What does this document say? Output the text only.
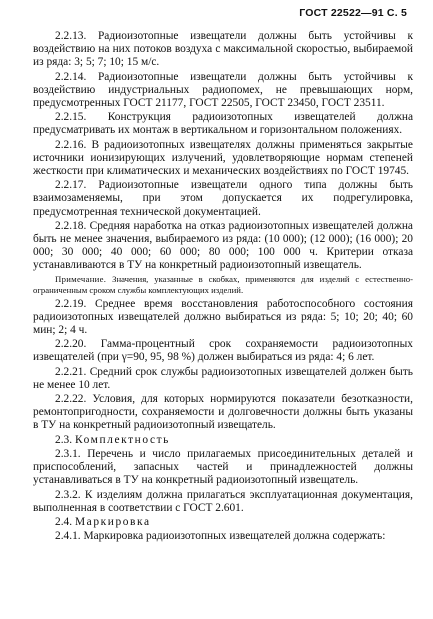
ГОСТ 22522—91 С. 5

2.2.13. Радиоизотопные извещатели должны быть устойчивы к воздействию на них потоков воздуха с максимальной скоростью, выбираемой из ряда: 3; 5; 7; 10; 15 м/с.

2.2.14. Радиоизотопные извещатели должны быть устойчивы к воздействию индустриальных радиопомех, не превышающих норм, предусмотренных ГОСТ 21177, ГОСТ 22505, ГОСТ 23450, ГОСТ 23511.

2.2.15. Конструкция радиоизотопных извещателей должна предусматривать их монтаж в вертикальном и горизонтальном положениях.

2.2.16. В радиоизотопных извещателях должны применяться закрытые источники ионизирующих излучений, удовлетворяющие нормам степеней жесткости при климатических и механических воздействиях по ГОСТ 19745.

2.2.17. Радиоизотопные извещатели одного типа должны быть взаимозаменяемы, при этом допускается их подрегулировка, предусмотренная технической документацией.

2.2.18. Средняя наработка на отказ радиоизотопных извещателей должна быть не менее значения, выбираемого из ряда: (10 000); (12 000); (16 000); 20 000; 30 000; 40 000; 60 000; 80 000; 100 000 ч. Критерии отказа устанавливаются в ТУ на конкретный радиоизотопный извещатель.

Примечание. Значения, указанные в скобках, применяются для изделий с естественно-ограниченным сроком службы комплектующих изделий.

2.2.19. Среднее время восстановления работоспособного состояния радиоизотопных извещателей должно выбираться из ряда: 5; 10; 20; 40; 60 мин; 2; 4 ч.

2.2.20. Гамма-процентный срок сохраняемости радиоизотопных извещателей (при γ=90, 95, 98 %) должен выбираться из ряда: 4; 6 лет.

2.2.21. Средний срок службы радиоизотопных извещателей должен быть не менее 10 лет.

2.2.22. Условия, для которых нормируются показатели безотказности, ремонтопригодности, сохраняемости и долговечности должны быть указаны в ТУ на конкретный радиоизотопный извещатель.

2.3. Комплектность

2.3.1. Перечень и число прилагаемых присоединительных деталей и приспособлений, запасных частей и принадлежностей должны устанавливаться в ТУ на конкретный радиоизотопный извещатель.

2.3.2. К изделиям должна прилагаться эксплуатационная документация, выполненная в соответствии с ГОСТ 2.601.

2.4. Маркировка

2.4.1. Маркировка радиоизотопных извещателей должна содержать:
